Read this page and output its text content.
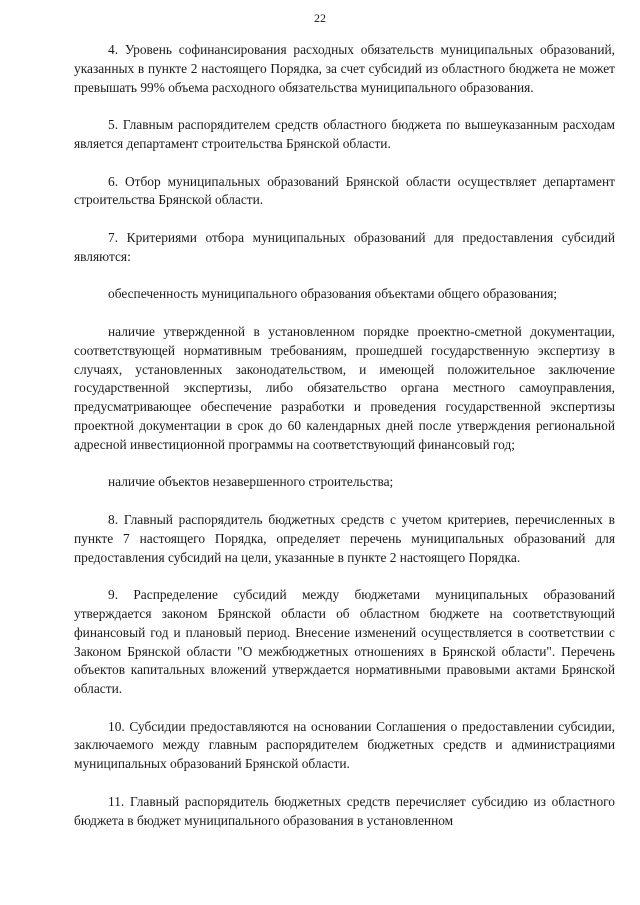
22

4. Уровень софинансирования расходных обязательств муниципальных образований, указанных в пункте 2 настоящего Порядка, за счет субсидий из областного бюджета не может превышать 99% объема расходного обязательства муниципального образования.

5. Главным распорядителем средств областного бюджета по вышеуказанным расходам является департамент строительства Брянской области.

6. Отбор муниципальных образований Брянской области осуществляет департамент строительства Брянской области.

7. Критериями отбора муниципальных образований для предоставления субсидий являются:

обеспеченность муниципального образования объектами общего образования;

наличие утвержденной в установленном порядке проектно-сметной документации, соответствующей нормативным требованиям, прошедшей государственную экспертизу в случаях, установленных законодательством, и имеющей положительное заключение государственной экспертизы, либо обязательство органа местного самоуправления, предусматривающее обеспечение разработки и проведения государственной экспертизы проектной документации в срок до 60 календарных дней после утверждения региональной адресной инвестиционной программы на соответствующий финансовый год;

наличие объектов незавершенного строительства;

8. Главный распорядитель бюджетных средств с учетом критериев, перечисленных в пункте 7 настоящего Порядка, определяет перечень муниципальных образований для предоставления субсидий на цели, указанные в пункте 2 настоящего Порядка.

9. Распределение субсидий между бюджетами муниципальных образований утверждается законом Брянской области об областном бюджете на соответствующий финансовый год и плановый период. Внесение изменений осуществляется в соответствии с Законом Брянской области "О межбюджетных отношениях в Брянской области". Перечень объектов капитальных вложений утверждается нормативными правовыми актами Брянской области.

10. Субсидии предоставляются на основании Соглашения о предоставлении субсидии, заключаемого между главным распорядителем бюджетных средств и администрациями муниципальных образований Брянской области.

11. Главный распорядитель бюджетных средств перечисляет субсидию из областного бюджета в бюджет муниципального образования в установленном
